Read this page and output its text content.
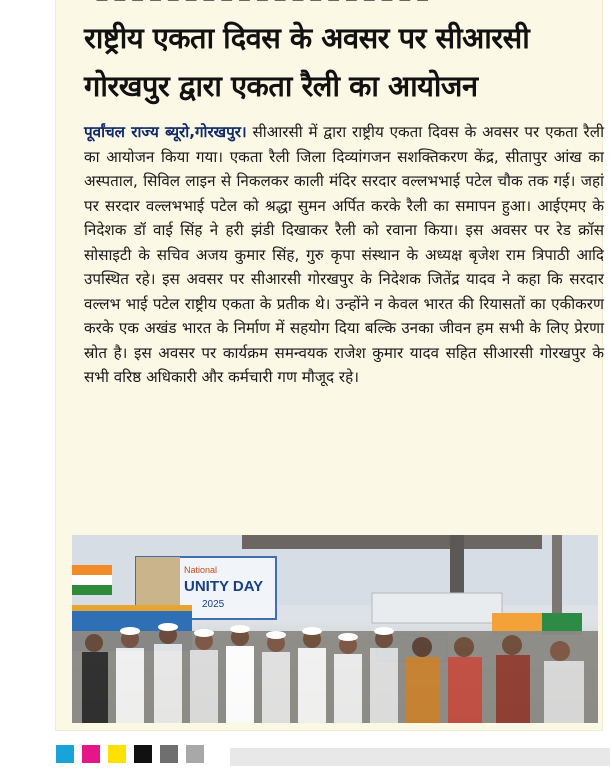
— — — — — — — — — — — — — — — — — — —
राष्ट्रीय एकता दिवस के अवसर पर सीआरसी गोरखपुर द्वारा एकता रैली का आयोजन

पूर्वांचल राज्य ब्यूरो,गोरखपुर। सीआरसी में द्वारा राष्ट्रीय एकता दिवस के अवसर पर एकता रैली का आयोजन किया गया। एकता रैली जिला दिव्यांगजन सशक्तिकरण केंद्र, सीतापुर आंख का अस्पताल, सिविल लाइन से निकलकर काली मंदिर सरदार वल्लभभाई पटेल चौक तक गई। जहां पर सरदार वल्लभभाई पटेल को श्रद्धा सुमन अर्पित करके रैली का समापन हुआ। आईएमए के निदेशक डॉ वाई सिंह ने हरी झंडी दिखाकर रैली को रवाना किया। इस अवसर पर रेड क्रॉस सोसाइटी के सचिव अजय कुमार सिंह, गुरु कृपा संस्थान के अध्यक्ष बृजेश राम त्रिपाठी आदि उपस्थित रहे। इस अवसर पर सीआरसी गोरखपुर के निदेशक जितेंद्र यादव ने कहा कि सरदार वल्लभ भाई पटेल राष्ट्रीय एकता के प्रतीक थे। उन्होंने न केवल भारत की रियासतों का एकीकरण करके एक अखंड भारत के निर्माण में सहयोग दिया बल्कि उनका जीवन हम सभी के लिए प्रेरणा स्रोत है। इस अवसर पर कार्यक्रम समन्वयक राजेश कुमार यादव सहित सीआरसी गोरखपुर के सभी वरिष्ठ अधिकारी और कर्मचारी गण मौजूद रहे।

National
UNITY DAY
2025
